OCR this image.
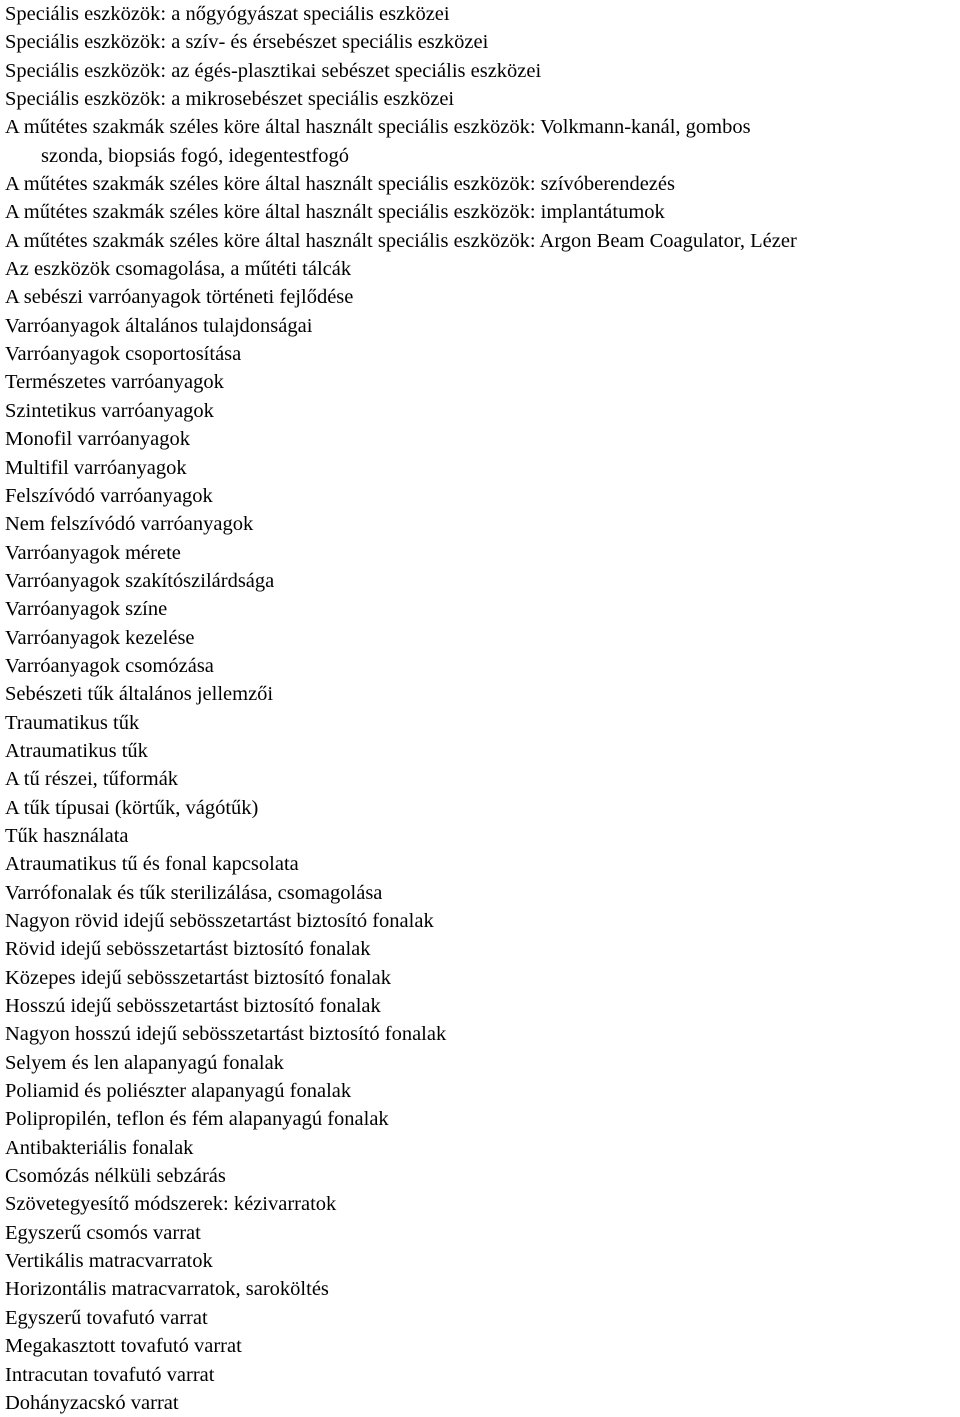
Speciális eszközök: a nőgyógyászat speciális eszközei
Speciális eszközök: a szív- és érsebészet speciális eszközei
Speciális eszközök: az égés-plasztikai sebészet speciális eszközei
Speciális eszközök: a mikrosebészet speciális eszközei
A műtétes szakmák széles köre által használt speciális eszközök: Volkmann-kanál, gombos
szonda, biopsiás fogó, idegentestfogó
A műtétes szakmák széles köre által használt speciális eszközök: szívóberendezés
A műtétes szakmák széles köre által használt speciális eszközök: implantátumok
A műtétes szakmák széles köre által használt speciális eszközök: Argon Beam Coagulator, Lézer
Az eszközök csomagolása, a műtéti tálcák
A sebészi varróanyagok történeti fejlődése
Varróanyagok általános tulajdonságai
Varróanyagok csoportosítása
Természetes varróanyagok
Szintetikus varróanyagok
Monofil varróanyagok
Multifil varróanyagok
Felszívódó varróanyagok
Nem felszívódó varróanyagok
Varróanyagok mérete
Varróanyagok szakítószilárdsága
Varróanyagok színe
Varróanyagok kezelése
Varróanyagok csomózása
Sebészeti tűk általános jellemzői
Traumatikus tűk
Atraumatikus tűk
A tű részei, tűformák
A tűk típusai (körtűk, vágótűk)
Tűk használata
Atraumatikus tű és fonal kapcsolata
Varrófonalak és tűk sterilizálása, csomagolása
Nagyon rövid idejű sebösszetartást biztosító fonalak
Rövid idejű sebösszetartást biztosító fonalak
Közepes idejű sebösszetartást biztosító fonalak
Hosszú idejű sebösszetartást biztosító fonalak
Nagyon hosszú idejű sebösszetartást biztosító fonalak
Selyem és len alapanyagú fonalak
Poliamid és poliészter alapanyagú fonalak
Polipropilén, teflon és fém alapanyagú fonalak
Antibakteriális fonalak
Csomózás nélküli sebzárás
Szövetegyesítő módszerek: kézivarratok
Egyszerű csomós varrat
Vertikális matracvarratok
Horizontális matracvarratok, saroköltés
Egyszerű tovafutó varrat
Megakasztott tovafutó varrat
Intracutan tovafutó varrat
Dohányzacskó varrat
